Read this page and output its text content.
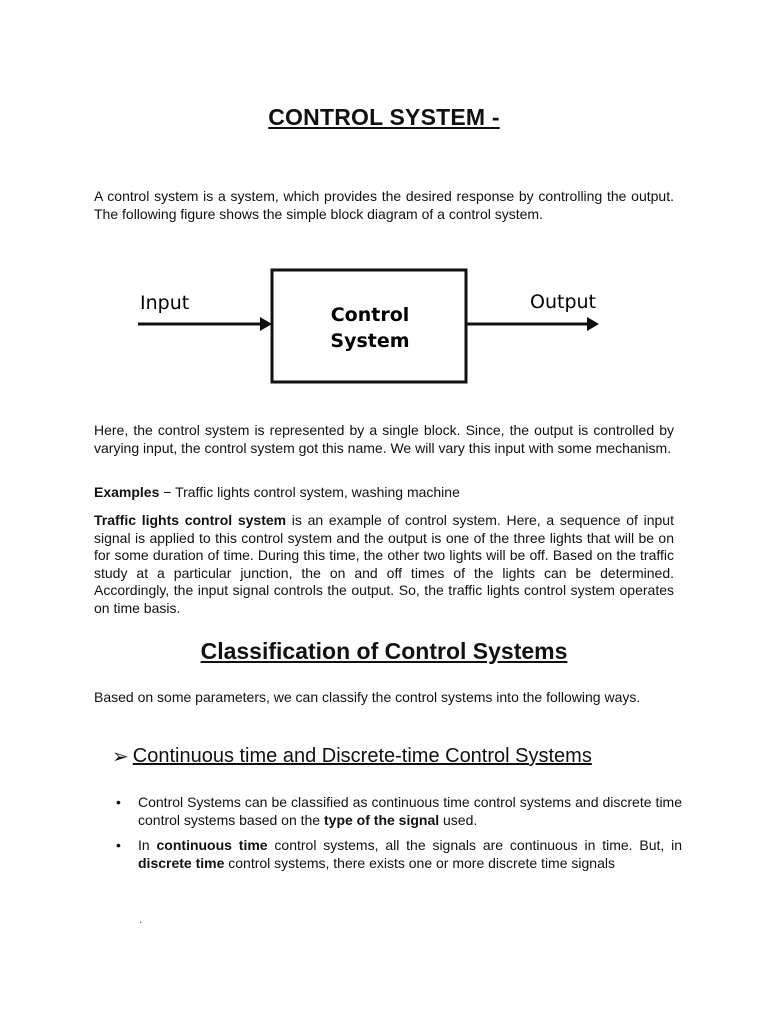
CONTROL SYSTEM -

A control system is a system, which provides the desired response by controlling the output. The following figure shows the simple block diagram of a control system.

Input
Control
System
Output

Here, the control system is represented by a single block. Since, the output is controlled by varying input, the control system got this name. We will vary this input with some mechanism.

Examples − Traffic lights control system, washing machine

Traffic lights control system is an example of control system. Here, a sequence of input signal is applied to this control system and the output is one of the three lights that will be on for some duration of time. During this time, the other two lights will be off. Based on the traffic study at a particular junction, the on and off times of the lights can be determined. Accordingly, the input signal controls the output. So, the traffic lights control system operates on time basis.

Classification of Control Systems

Based on some parameters, we can classify the control systems into the following ways.

➢ Continuous time and Discrete-time Control Systems
• Control Systems can be classified as continuous time control systems and discrete time control systems based on the type of the signal used.
• In continuous time control systems, all the signals are continuous in time. But, in discrete time control systems, there exists one or more discrete time signals
.
